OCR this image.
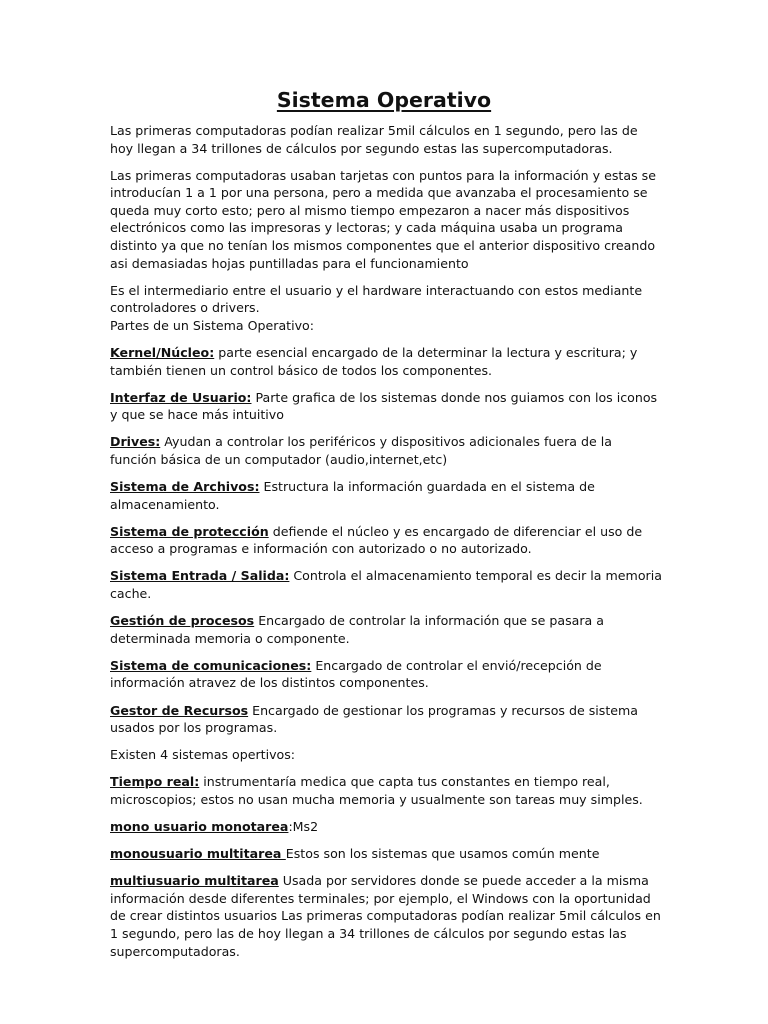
Sistema Operativo

Las primeras computadoras podían realizar 5mil cálculos en 1 segundo, pero las de hoy llegan a 34 trillones de cálculos por segundo estas las supercomputadoras.

Las primeras computadoras usaban tarjetas con puntos para la información y estas se introducían 1 a 1 por una persona, pero a medida que avanzaba el procesamiento se queda muy corto esto; pero al mismo tiempo empezaron a nacer más dispositivos electrónicos como las impresoras y lectoras; y cada máquina usaba un programa distinto ya que no tenían los mismos componentes que el anterior dispositivo creando asi demasiadas hojas puntilladas para el funcionamiento

Es el intermediario entre el usuario y el hardware interactuando con estos mediante controladores o drivers.
Partes de un Sistema Operativo:

Kernel/Núcleo: parte esencial encargado de la determinar la lectura y escritura; y también tienen un control básico de todos los componentes.

Interfaz de Usuario: Parte grafica de los sistemas donde nos guiamos con los iconos y que se hace más intuitivo

Drives: Ayudan a controlar los periféricos y dispositivos adicionales fuera de la función básica de un computador (audio,internet,etc)

Sistema de Archivos: Estructura la información guardada en el sistema de almacenamiento.

Sistema de protección defiende el núcleo y es encargado de diferenciar el uso de acceso a programas e información con autorizado o no autorizado.

Sistema Entrada / Salida: Controla el almacenamiento temporal es decir la memoria cache.

Gestión de procesos Encargado de controlar la información que se pasara a determinada memoria o componente.

Sistema de comunicaciones: Encargado de controlar el envió/recepción de información atravez de los distintos componentes.

Gestor de Recursos Encargado de gestionar los programas y recursos de sistema usados por los programas.

Existen 4 sistemas opertivos:

Tiempo real: instrumentaría medica que capta tus constantes en tiempo real, microscopios; estos no usan mucha memoria y usualmente son tareas muy simples.

mono usuario monotarea:Ms2

monousuario multitarea Estos son los sistemas que usamos común mente

multiusuario multitarea Usada por servidores donde se puede acceder a la misma información desde diferentes terminales; por ejemplo, el Windows con la oportunidad de crear distintos usuarios Las primeras computadoras podían realizar 5mil cálculos en 1 segundo, pero las de hoy llegan a 34 trillones de cálculos por segundo estas las supercomputadoras.
